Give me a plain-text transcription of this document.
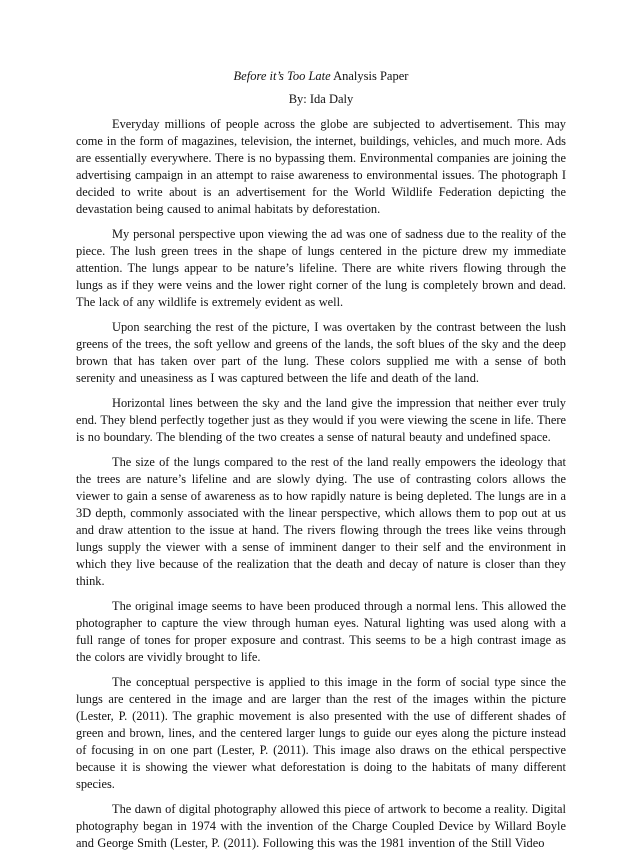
Before it’s Too Late Analysis Paper

By: Ida Daly

Everyday millions of people across the globe are subjected to advertisement. This may come in the form of magazines, television, the internet, buildings, vehicles, and much more. Ads are essentially everywhere. There is no bypassing them. Environmental companies are joining the advertising campaign in an attempt to raise awareness to environmental issues. The photograph I decided to write about is an advertisement for the World Wildlife Federation depicting the devastation being caused to animal habitats by deforestation.

My personal perspective upon viewing the ad was one of sadness due to the reality of the piece. The lush green trees in the shape of lungs centered in the picture drew my immediate attention. The lungs appear to be nature’s lifeline. There are white rivers flowing through the lungs as if they were veins and the lower right corner of the lung is completely brown and dead. The lack of any wildlife is extremely evident as well.

Upon searching the rest of the picture, I was overtaken by the contrast between the lush greens of the trees, the soft yellow and greens of the lands, the soft blues of the sky and the deep brown that has taken over part of the lung. These colors supplied me with a sense of both serenity and uneasiness as I was captured between the life and death of the land.

Horizontal lines between the sky and the land give the impression that neither ever truly end. They blend perfectly together just as they would if you were viewing the scene in life. There is no boundary. The blending of the two creates a sense of natural beauty and undefined space.

The size of the lungs compared to the rest of the land really empowers the ideology that the trees are nature’s lifeline and are slowly dying. The use of contrasting colors allows the viewer to gain a sense of awareness as to how rapidly nature is being depleted. The lungs are in a 3D depth, commonly associated with the linear perspective, which allows them to pop out at us and draw attention to the issue at hand. The rivers flowing through the trees like veins through lungs supply the viewer with a sense of imminent danger to their self and the environment in which they live because of the realization that the death and decay of nature is closer than they think.

The original image seems to have been produced through a normal lens. This allowed the photographer to capture the view through human eyes. Natural lighting was used along with a full range of tones for proper exposure and contrast. This seems to be a high contrast image as the colors are vividly brought to life.

The conceptual perspective is applied to this image in the form of social type since the lungs are centered in the image and are larger than the rest of the images within the picture (Lester, P. (2011). The graphic movement is also presented with the use of different shades of green and brown, lines, and the centered larger lungs to guide our eyes along the picture instead of focusing in on one part (Lester, P. (2011). This image also draws on the ethical perspective because it is showing the viewer what deforestation is doing to the habitats of many different species.

The dawn of digital photography allowed this piece of artwork to become a reality. Digital photography began in 1974 with the invention of the Charge Coupled Device by Willard Boyle and George Smith (Lester, P. (2011). Following this was the 1981 invention of the Still Video
